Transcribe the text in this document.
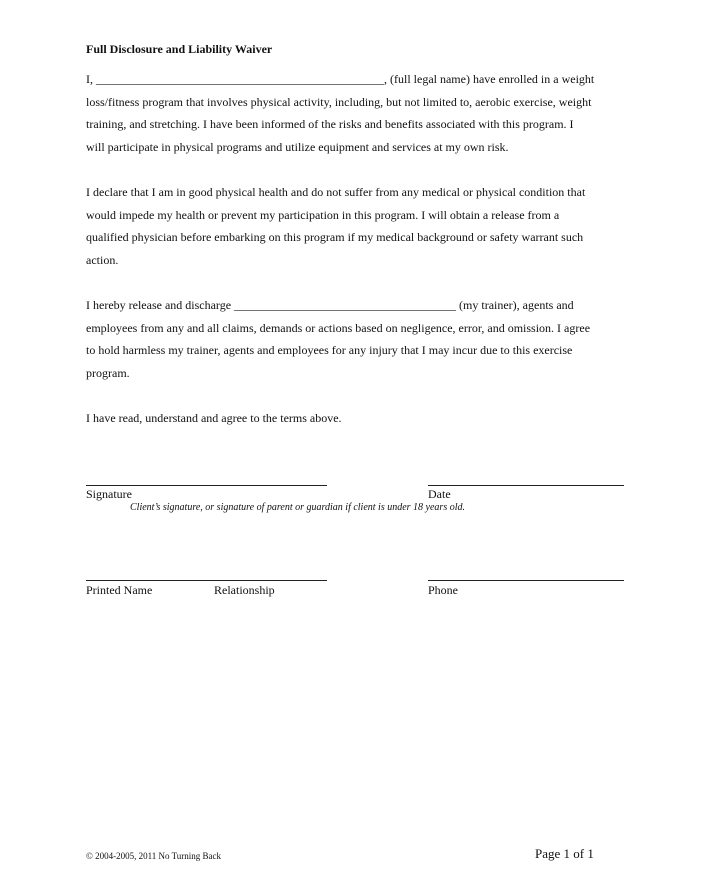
Full Disclosure and Liability Waiver

I, ________________________________________________, (full legal name) have enrolled in a weight
loss/fitness program that involves physical activity, including, but not limited to, aerobic exercise, weight
training, and stretching. I have been informed of the risks and benefits associated with this program. I
will participate in physical programs and utilize equipment and services at my own risk.

I declare that I am in good physical health and do not suffer from any medical or physical condition that
would impede my health or prevent my participation in this program. I will obtain a release from a
qualified physician before embarking on this program if my medical background or safety warrant such
action.

I hereby release and discharge _____________________________________ (my trainer), agents and
employees from any and all claims, demands or actions based on negligence, error, and omission. I agree
to hold harmless my trainer, agents and employees for any injury that I may incur due to this exercise
program.

I have read, understand and agree to the terms above.

Signature	Date
Client’s signature, or signature of parent or guardian if client is under 18 years old.
Printed Name	Relationship	Phone
© 2004-2005, 2011 No Turning Back	Page 1 of 1
